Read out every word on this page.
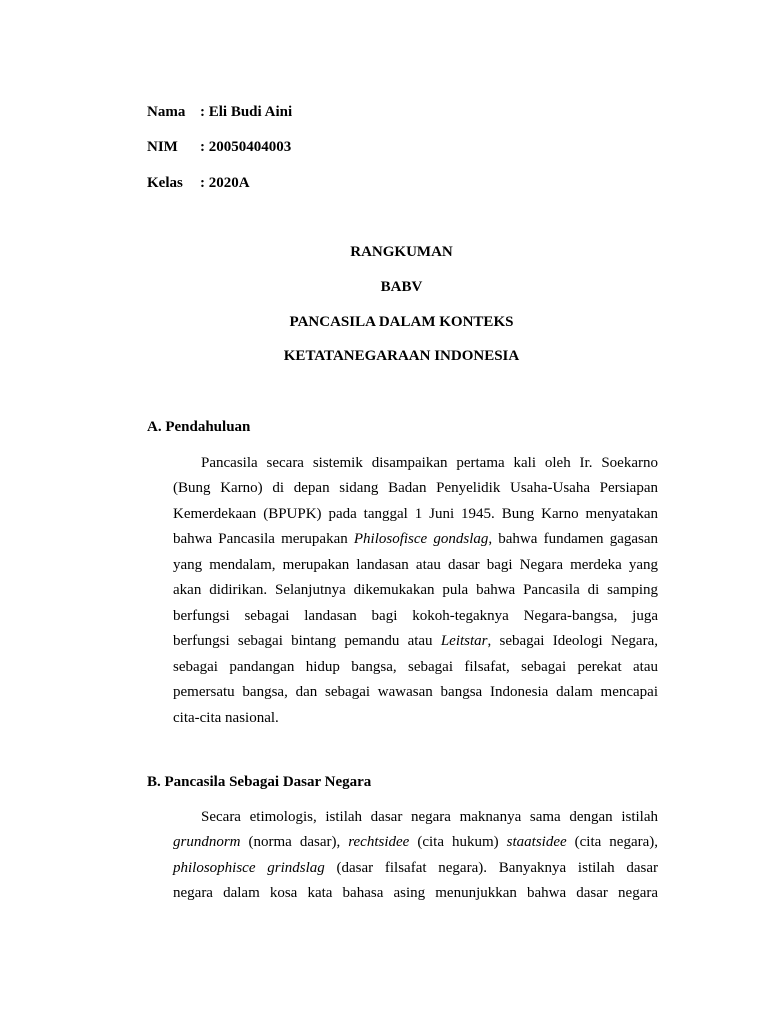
Nama : Eli Budi Aini
NIM : 20050404003
Kelas : 2020A
RANGKUMAN
BABV
PANCASILA DALAM KONTEKS
KETATANEGARAAN INDONESIA
A. Pendahuluan
Pancasila secara sistemik disampaikan pertama kali oleh Ir. Soekarno
(Bung Karno) di depan sidang Badan Penyelidik Usaha-Usaha Persiapan
Kemerdekaan (BPUPK) pada tanggal 1 Juni 1945. Bung Karno menyatakan
bahwa Pancasila merupakan Philosofisce gondslag, bahwa fundamen gagasan
yang mendalam, merupakan landasan atau dasar bagi Negara merdeka yang
akan didirikan. Selanjutnya dikemukakan pula bahwa Pancasila di samping
berfungsi sebagai landasan bagi kokoh-tegaknya Negara-bangsa, juga
berfungsi sebagai bintang pemandu atau Leitstar, sebagai Ideologi Negara,
sebagai pandangan hidup bangsa, sebagai filsafat, sebagai perekat atau
pemersatu bangsa, dan sebagai wawasan bangsa Indonesia dalam mencapai
cita-cita nasional.
B. Pancasila Sebagai Dasar Negara
Secara etimologis, istilah dasar negara maknanya sama dengan istilah
grundnorm (norma dasar), rechtsidee (cita hukum) staatsidee (cita negara),
philosophisce grindslag (dasar filsafat negara). Banyaknya istilah dasar
negara dalam kosa kata bahasa asing menunjukkan bahwa dasar negara
